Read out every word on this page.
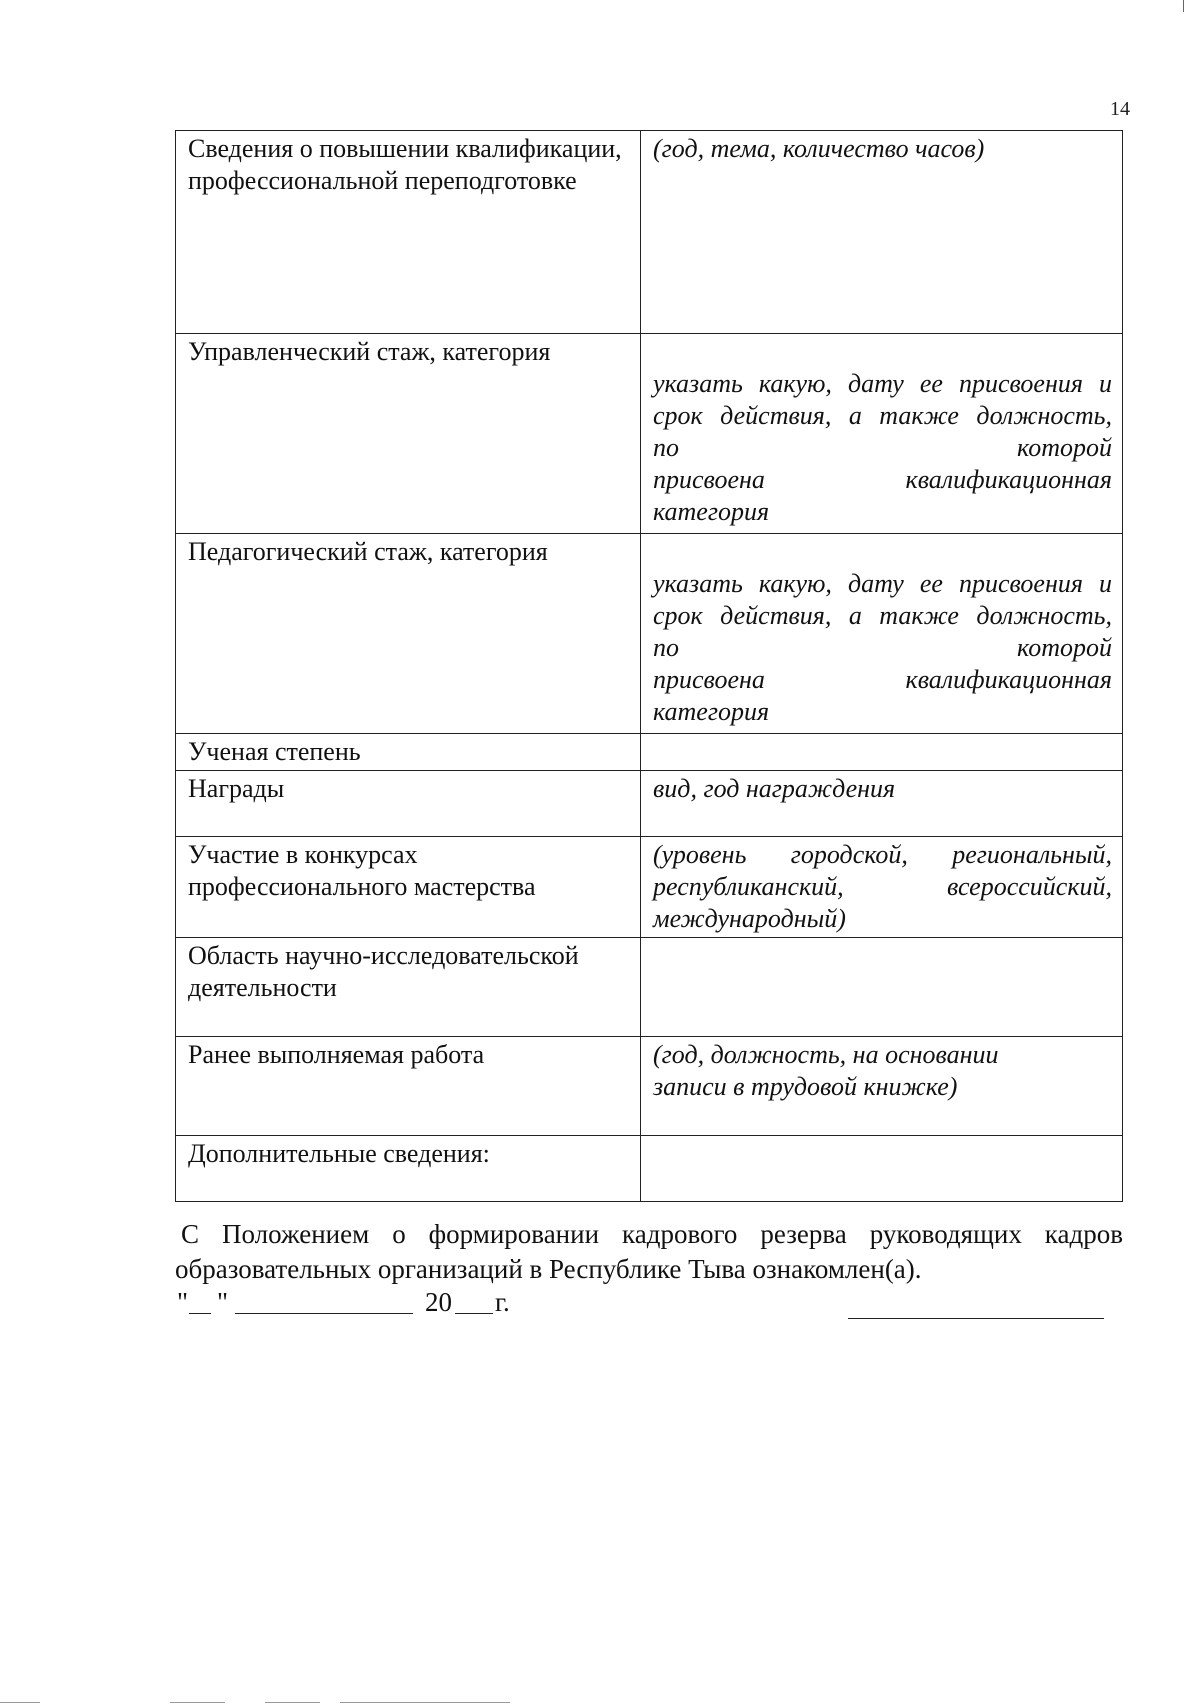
14
Сведения о повышении квалификации, профессиональной переподготовке	(год, тема, количество часов)
Управленческий стаж, категория	указать какую, дату ее присвоения и
срок действия, а также должность,
по которой
присвоена квалификационная
категория

Педагогический стаж, категория	указать какую, дату ее присвоения и
срок действия, а также должность,
по которой
присвоена квалификационная
категория

Ученая степень	
Награды	вид, год награждения
Участие в конкурсах профессионального мастерства	(уровень городской, региональный,
республиканский, всероссийский,
международный)

Область научно-исследовательской деятельности	
Ранее выполняемая работа	(год, должность, на основании
записи в трудовой книжке)

Дополнительные сведения:	

С Положением о формировании кадрового резерва руководящих кадров образовательных организаций в Республике Тыва ознакомлен(а).

" "	20 г.
